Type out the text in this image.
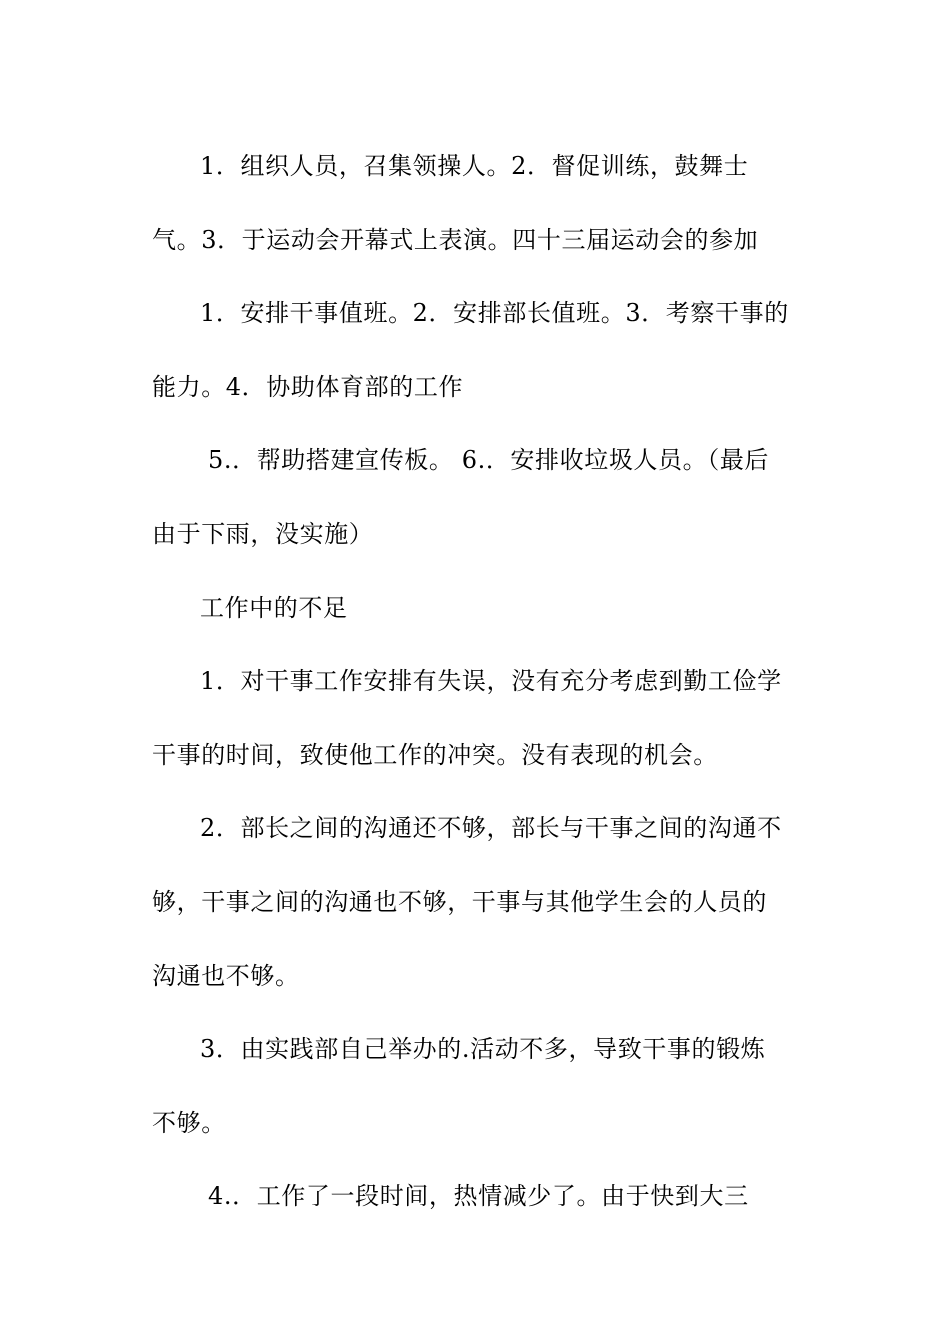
1．组织人员，召集领操人。2．督促训练，鼓舞士
气。3．于运动会开幕式上表演。四十三届运动会的参加
1．安排干事值班。2．安排部长值班。3．考察干事的
能力。4．协助体育部的工作
5.．帮助搭建宣传板。 6.．安排收垃圾人员。（最后
由于下雨，没实施）
工作中的不足
1．对干事工作安排有失误，没有充分考虑到勤工俭学
干事的时间，致使他工作的冲突。没有表现的机会。
2．部长之间的沟通还不够，部长与干事之间的沟通不
够，干事之间的沟通也不够，干事与其他学生会的人员的
沟通也不够。
3．由实践部自己举办的.活动不多，导致干事的锻炼
不够。
4.．工作了一段时间，热情减少了。由于快到大三
